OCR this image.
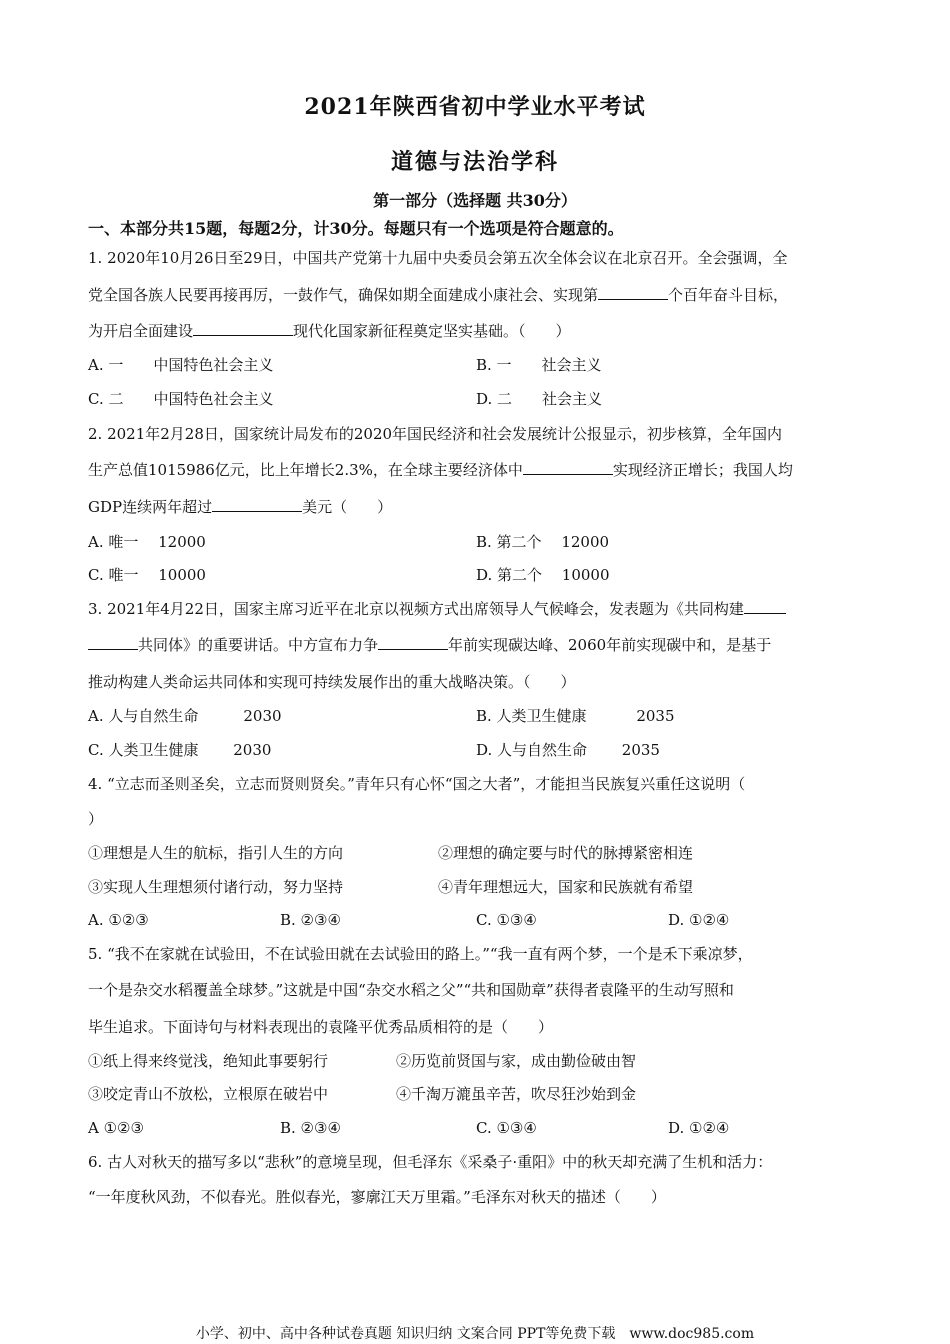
2021年陕西省初中学业水平考试
道德与法治学科
第一部分（选择题 共30分）
一、本部分共15题，每题2分，计30分。每题只有一个选项是符合题意的。
1. 2020年10月26日至29日，中国共产党第十九届中央委员会第五次全体会议在北京召开。全会强调，全
党全国各族人民要再接再厉，一鼓作气，确保如期全面建成小康社会、实现第	个百年奋斗目标，
为开启全面建设	现代化国家新征程奠定坚实基础。（　　）
A. 一　　中国特色社会主义	B. 一　　社会主义
C. 二　　中国特色社会主义	D. 二　　社会主义
2. 2021年2月28日，国家统计局发布的2020年国民经济和社会发展统计公报显示，初步核算，全年国内
生产总值1015986亿元，比上年增长2.3%，在全球主要经济体中	实现经济正增长；我国人均
GDP连续两年超过	美元（　　）
A. 唯一　 12000	B. 第二个　 12000
C. 唯一　 10000	D. 第二个　 10000
3. 2021年4月22日，国家主席习近平在北京以视频方式出席领导人气候峰会，发表题为《共同构建
共同体》的重要讲话。中方宣布力争	年前实现碳达峰、2060年前实现碳中和，是基于
推动构建人类命运共同体和实现可持续发展作出的重大战略决策。（　　）
A. 人与自然生命　　　2030	B. 人类卫生健康　　　 2035
C. 人类卫生健康　　 2030	D. 人与自然生命　　 2035
4. “立志而圣则圣矣，立志而贤则贤矣。”青年只有心怀“国之大者”，才能担当民族复兴重任这说明（
）
①理想是人生的航标，指引人生的方向	②理想的确定要与时代的脉搏紧密相连
③实现人生理想须付诸行动，努力坚持	④青年理想远大，国家和民族就有希望
A. ①②③	B. ②③④	C. ①③④	D. ①②④
5. “我不在家就在试验田，不在试验田就在去试验田的路上。”“我一直有两个梦，一个是禾下乘凉梦，
一个是杂交水稻覆盖全球梦。”这就是中国“杂交水稻之父”“共和国勋章”获得者袁隆平的生动写照和
毕生追求。下面诗句与材料表现出的袁隆平优秀品质相符的是（　　）
①纸上得来终觉浅，绝知此事要躬行	②历览前贤国与家，成由勤俭破由智
③咬定青山不放松，立根原在破岩中	④千淘万漉虽辛苦，吹尽狂沙始到金
A ①②③	B. ②③④	C. ①③④	D. ①②④
6. 古人对秋天的描写多以“悲秋”的意境呈现，但毛泽东《采桑子·重阳》中的秋天却充满了生机和活力：
“一年度秋风劲，不似春光。胜似春光，寥廓江天万里霜。”毛泽东对秋天的描述（　　）
小学、初中、高中各种试卷真题 知识归纳 文案合同 PPT等免费下载　www.doc985.com
